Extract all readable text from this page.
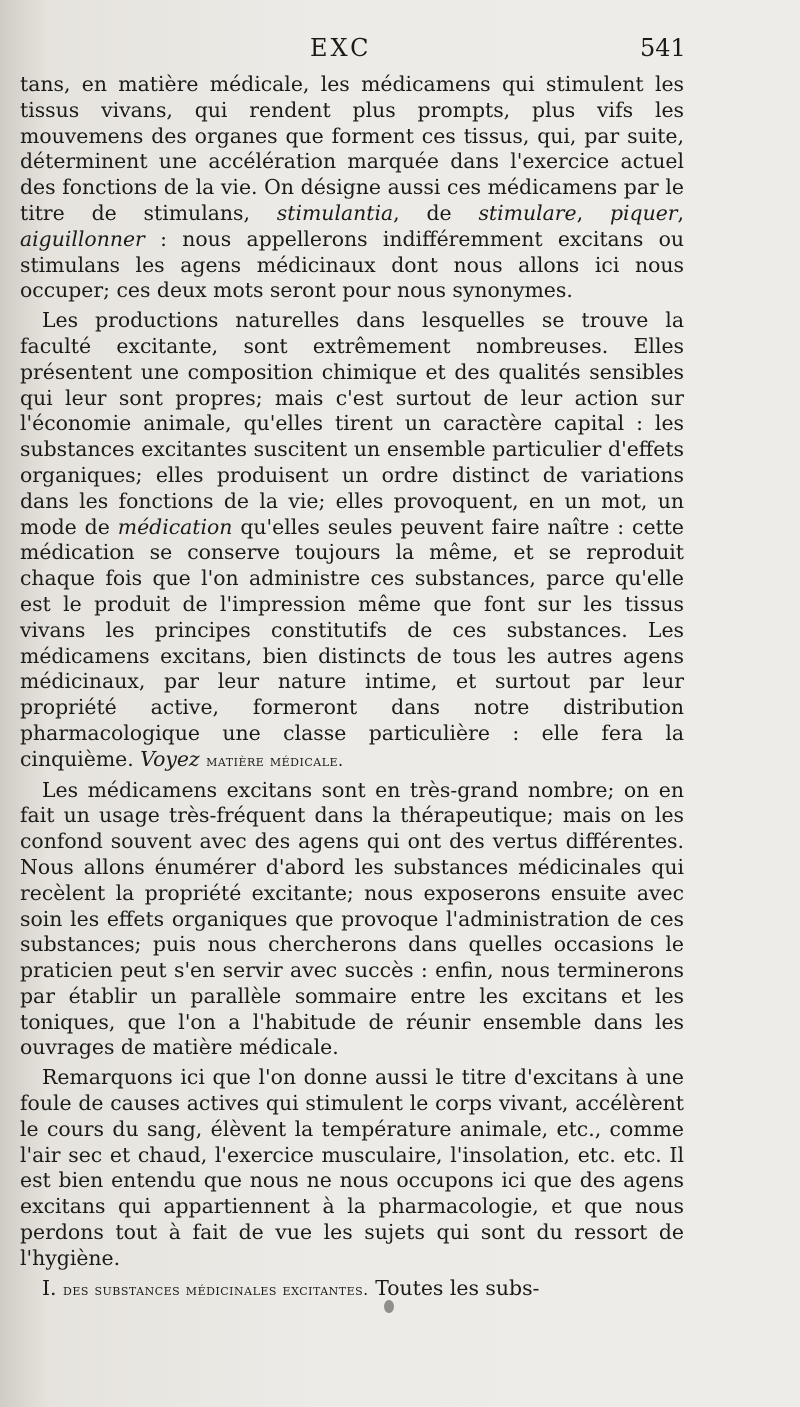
EXC	541

tans, en matière médicale, les médicamens qui stimulent les tissus vivans, qui rendent plus prompts, plus vifs les mouvemens des organes que forment ces tissus, qui, par suite, déterminent une accélération marquée dans l'exercice actuel des fonctions de la vie. On désigne aussi ces médicamens par le titre de stimulans, stimulantia, de stimulare, piquer, aiguillonner : nous appellerons indifféremment excitans ou stimulans les agens médicinaux dont nous allons ici nous occuper; ces deux mots seront pour nous synonymes.

Les productions naturelles dans lesquelles se trouve la faculté excitante, sont extrêmement nombreuses. Elles présentent une composition chimique et des qualités sensibles qui leur sont propres; mais c'est surtout de leur action sur l'économie animale, qu'elles tirent un caractère capital : les substances excitantes suscitent un ensemble particulier d'effets organiques; elles produisent un ordre distinct de variations dans les fonctions de la vie; elles provoquent, en un mot, un mode de médication qu'elles seules peuvent faire naître : cette médication se conserve toujours la même, et se reproduit chaque fois que l'on administre ces substances, parce qu'elle est le produit de l'impression même que font sur les tissus vivans les principes constitutifs de ces substances. Les médicamens excitans, bien distincts de tous les autres agens médicinaux, par leur nature intime, et surtout par leur propriété active, formeront dans notre distribution pharmacologique une classe particulière : elle fera la cinquième. Voyez matière médicale.

Les médicamens excitans sont en très-grand nombre; on en fait un usage très-fréquent dans la thérapeutique; mais on les confond souvent avec des agens qui ont des vertus différentes. Nous allons énumérer d'abord les substances médicinales qui recèlent la propriété excitante; nous exposerons ensuite avec soin les effets organiques que provoque l'administration de ces substances; puis nous chercherons dans quelles occasions le praticien peut s'en servir avec succès : enfin, nous terminerons par établir un parallèle sommaire entre les excitans et les toniques, que l'on a l'habitude de réunir ensemble dans les ouvrages de matière médicale.

Remarquons ici que l'on donne aussi le titre d'excitans à une foule de causes actives qui stimulent le corps vivant, accélèrent le cours du sang, élèvent la température animale, etc., comme l'air sec et chaud, l'exercice musculaire, l'insolation, etc. etc. Il est bien entendu que nous ne nous occupons ici que des agens excitans qui appartiennent à la pharmacologie, et que nous perdons tout à fait de vue les sujets qui sont du ressort de l'hygiène.

I. des substances médicinales excitantes. Toutes les subs-
